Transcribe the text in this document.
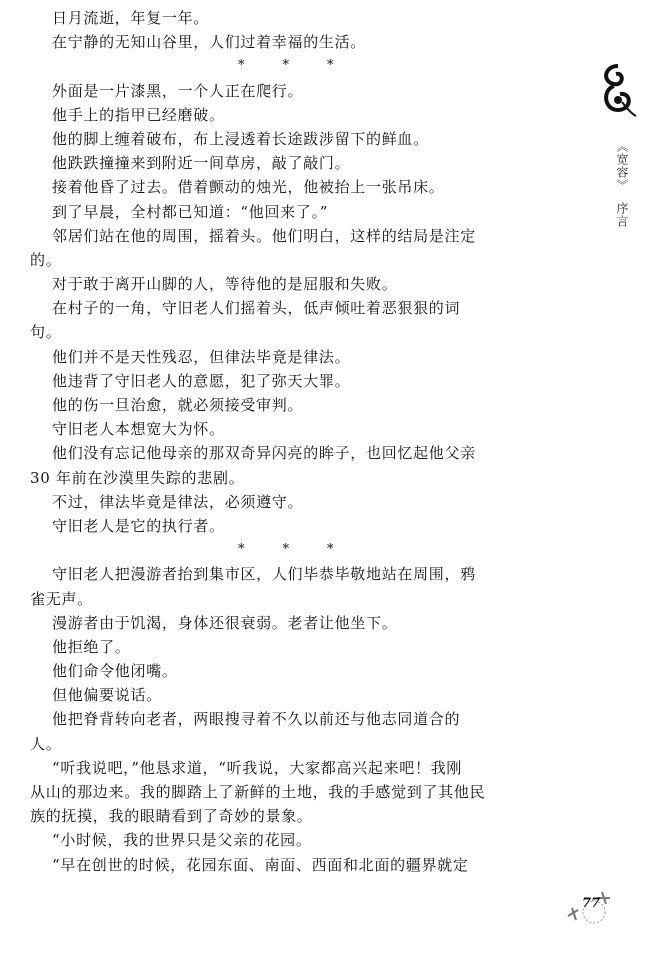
日月流逝，年复一年。
在宁静的无知山谷里，人们过着幸福的生活。
***
外面是一片漆黑，一个人正在爬行。
他手上的指甲已经磨破。
他的脚上缠着破布，布上浸透着长途跋涉留下的鲜血。
他跌跌撞撞来到附近一间草房，敲了敲门。
接着他昏了过去。借着颤动的烛光，他被抬上一张吊床。
到了早晨，全村都已知道：“他回来了。”
邻居们站在他的周围，摇着头。他们明白，这样的结局是注定
的。
对于敢于离开山脚的人，等待他的是屈服和失败。
在村子的一角，守旧老人们摇着头，低声倾吐着恶狠狠的词
句。
他们并不是天性残忍，但律法毕竟是律法。
他违背了守旧老人的意愿，犯了弥天大罪。
他的伤一旦治愈，就必须接受审判。
守旧老人本想宽大为怀。
他们没有忘记他母亲的那双奇异闪亮的眸子，也回忆起他父亲
30 年前在沙漠里失踪的悲剧。
不过，律法毕竟是律法，必须遵守。
守旧老人是它的执行者。
***
守旧老人把漫游者抬到集市区，人们毕恭毕敬地站在周围，鸦
雀无声。
漫游者由于饥渴，身体还很衰弱。老者让他坐下。
他拒绝了。
他们命令他闭嘴。
但他偏要说话。
他把脊背转向老者，两眼搜寻着不久以前还与他志同道合的
人。
“听我说吧，”他恳求道，“听我说，大家都高兴起来吧！我刚
从山的那边来。我的脚踏上了新鲜的土地，我的手感觉到了其他民
族的抚摸，我的眼睛看到了奇妙的景象。
“小时候，我的世界只是父亲的花园。
“早在创世的时候，花园东面、南面、西面和北面的疆界就定
《宽容》序言
77
